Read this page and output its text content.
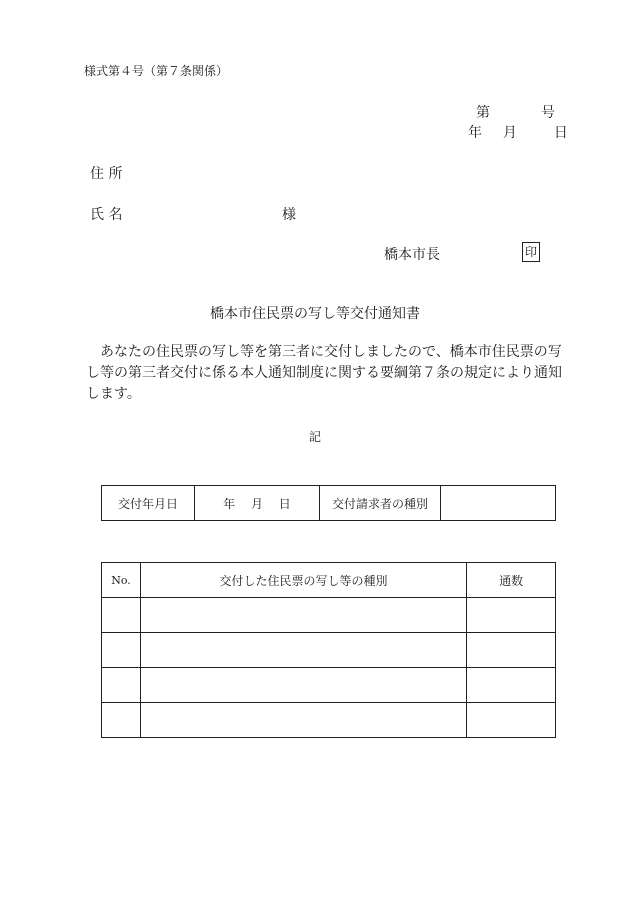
様式第４号（第７条関係）
第	号
年 月	日
住 所
氏 名	様
橋本市長	印
橋本市住民票の写し等交付通知書
あなたの住民票の写し等を第三者に交付しましたので、橋本市住民票の写し等の第三者交付に係る本人通知制度に関する要綱第７条の規定により通知します。
記
交付年月日	年　 月　 日	交付請求者の種別	
No.	交付した住民票の写し等の種別	通数
